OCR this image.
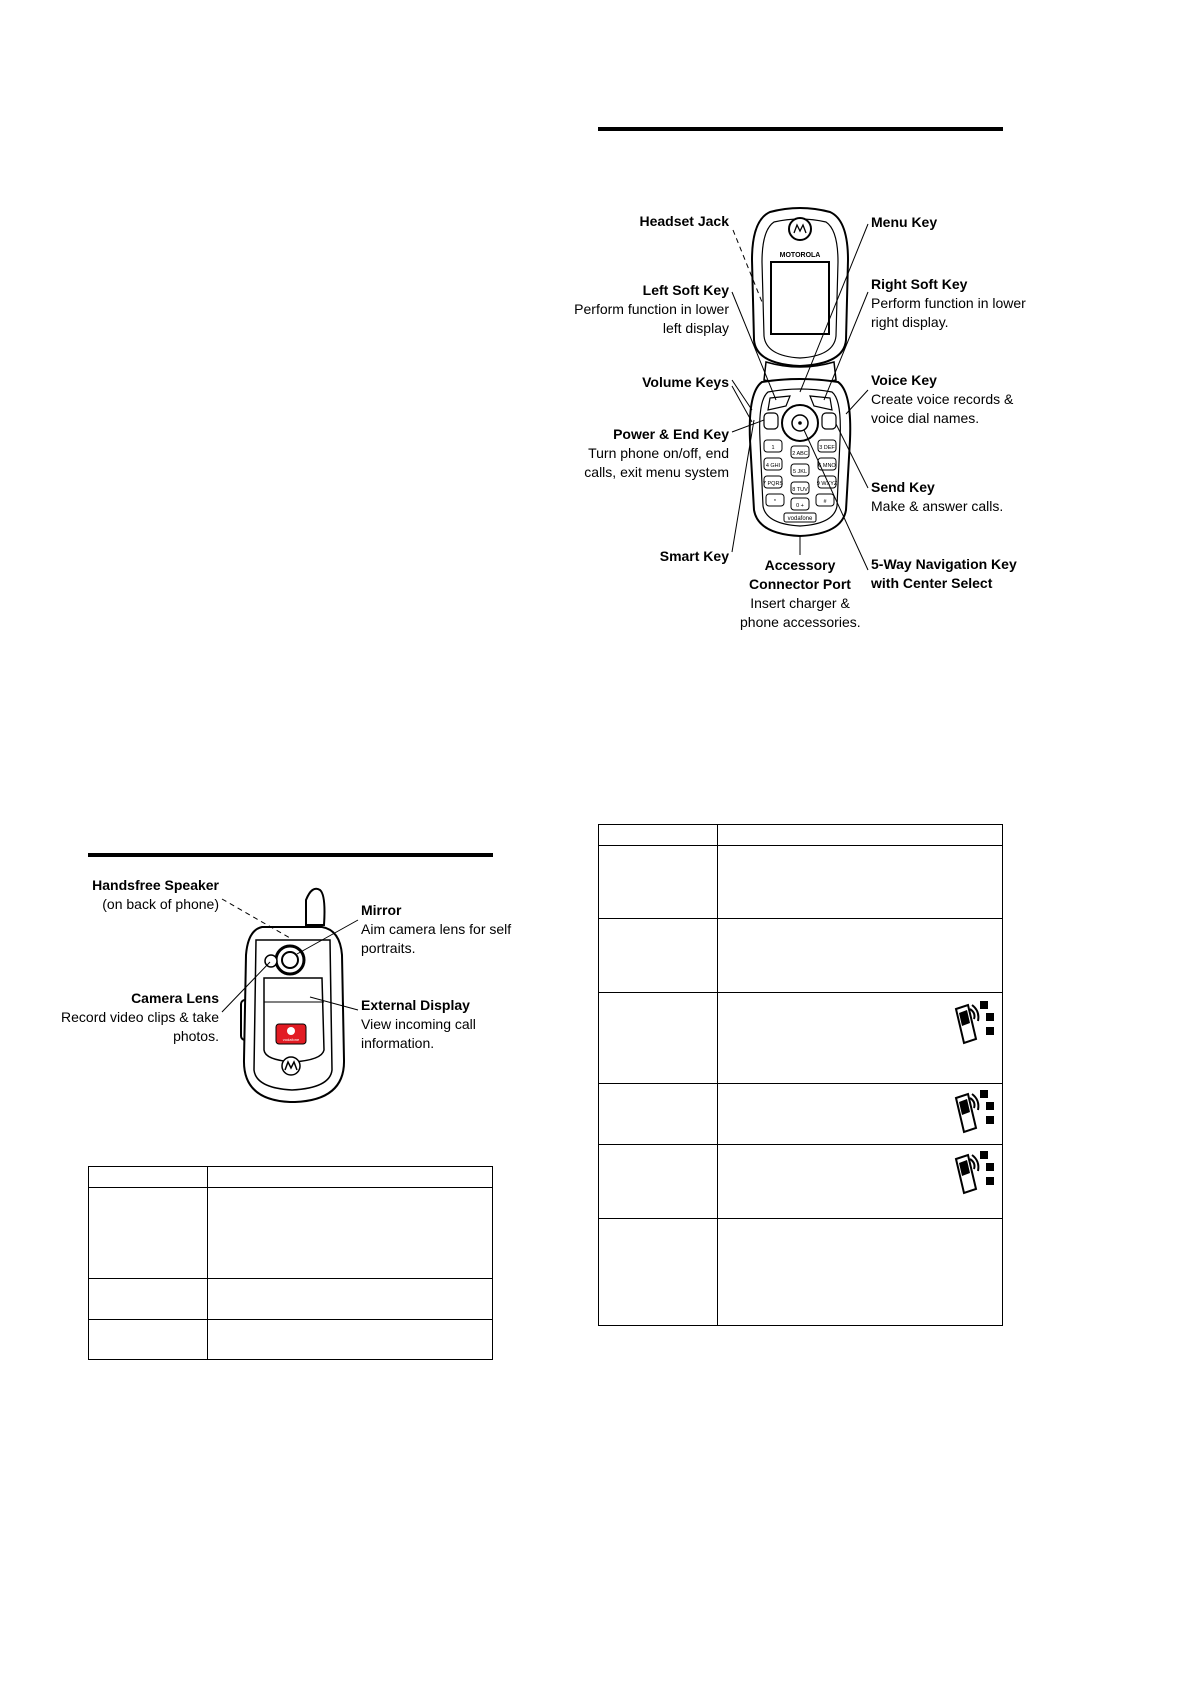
Handsfree Speaker
(on back of phone)	Mirror
Aim camera lens for self
portraits.
Camera Lens
Record video clips & take
photos.
External Display
View incoming call
information.
vodafone

Headset Jack	Menu Key
Left Soft Key
Perform function in lower
left display
Right Soft Key
Perform function in lower
right display.
Volume Keys	Voice Key
Create voice records &
voice dial names.
Power & End Key
Turn phone on/off, end
calls, exit menu system
Send Key
Make & answer calls.
Smart Key
Accessory
Connector Port
Insert charger &
phone accessories.
5-Way Navigation Key
with Center Select
MOTOROLA
1
2 ABC
3 DEF
4 GHI
5 JKL
6 MNO
7 PQRS
8 TUV
9 WXYZ
*
0 +
#
vodafone
